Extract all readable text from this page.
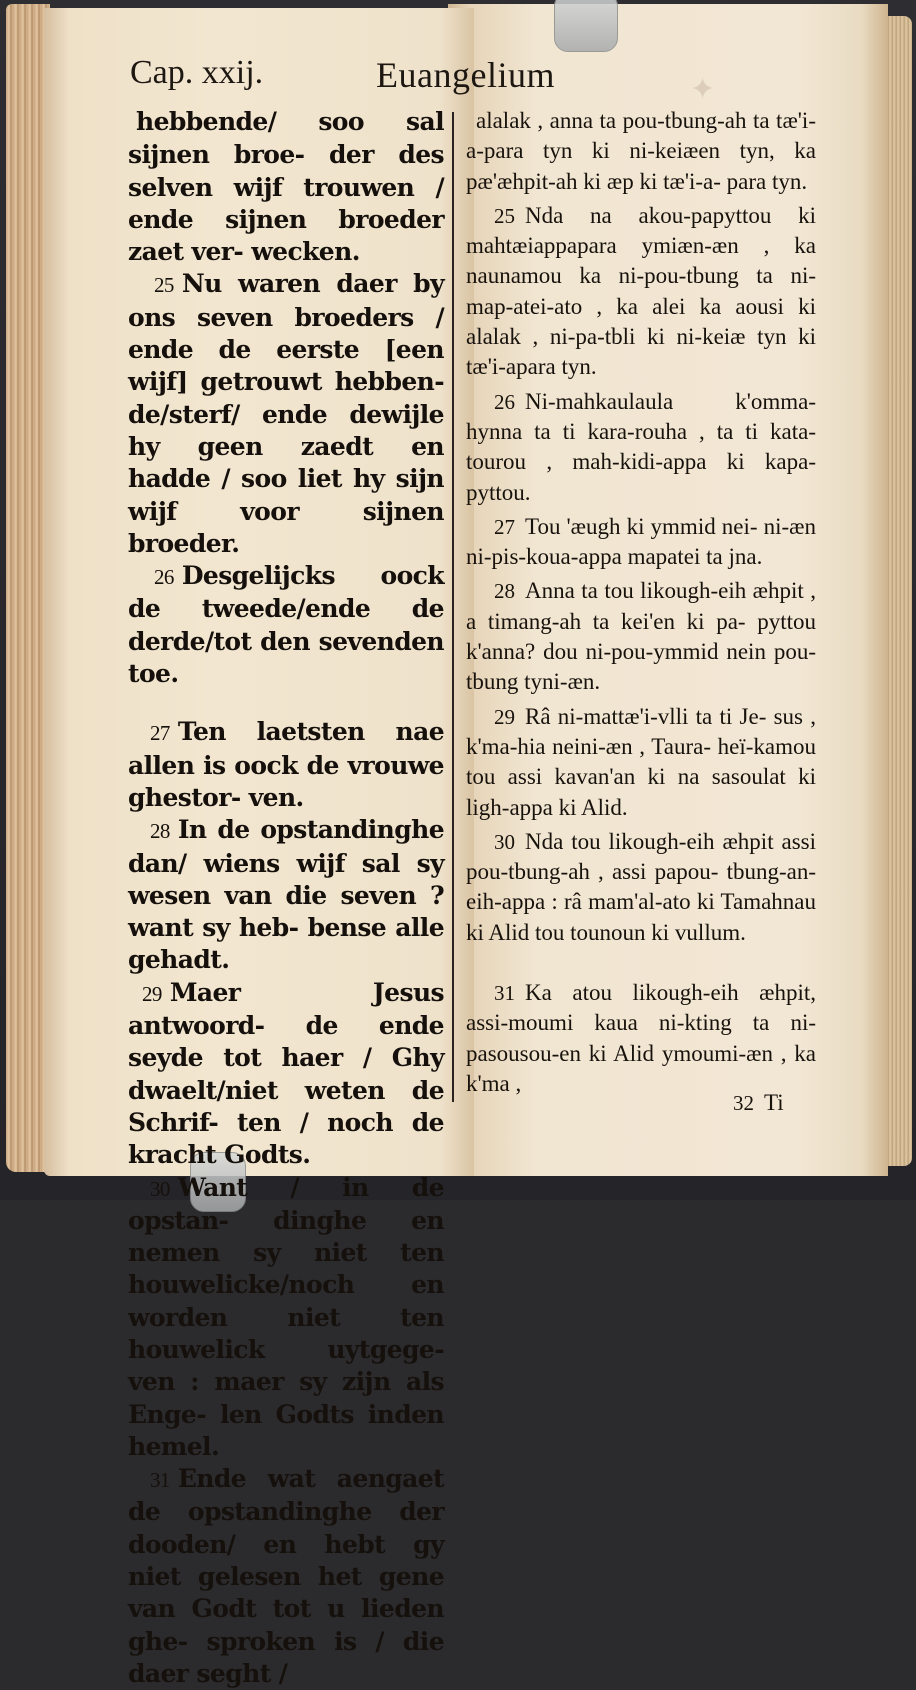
✦
Cap. xxij.	Euangelium

hebbende/ soo sal sijnen broe- der des selven wijf trouwen / ende sijnen broeder zaet ver- wecken.

25 Nu waren daer by ons seven broeders / ende de eerste [een wijf] getrouwt hebben- de/sterf/ ende dewijle hy geen zaedt en hadde / soo liet hy sijn wijf voor sijnen broeder.

26 Desgelijcks oock de tweede/ende de derde/tot den sevenden toe.

27 Ten laetsten nae allen is oock de vrouwe ghestor- ven.

28 In de opstandinghe dan/ wiens wijf sal sy wesen van die seven ? want sy heb- bense alle gehadt.

29 Maer Jesus antwoord- de ende seyde tot haer / Ghy dwaelt/niet weten de Schrif- ten / noch de kracht Godts.

30 Want / in de opstan- dinghe en nemen sy niet ten houwelicke/noch en worden niet ten houwelick uytgege- ven : maer sy zijn als Enge- len Godts inden hemel.

31 Ende wat aengaet de opstandinghe der dooden/ en hebt gy niet gelesen het gene van Godt tot u lieden ghe- sproken is / die daer seght /

alalak , anna ta pou-tbung-ah ta tæ'i-a-para tyn ki ni-keiæen tyn, ka pæ'æhpit-ah ki æp ki tæ'i-a- para tyn.

25 Nda na akou-papyttou ki mahtæiappapara ymiæn-æn , ka naunamou ka ni-pou-tbung ta ni- map-atei-ato , ka alei ka aousi ki alalak , ni-pa-tbli ki ni-keiæ tyn ki tæ'i-apara tyn.

26 Ni-mahkaulaula k'omma- hynna ta ti kara-rouha , ta ti kata- tourou , mah-kidi-appa ki kapa- pyttou.

27 Tou 'æugh ki ymmid nei- ni-æn ni-pis-koua-appa mapatei ta jna.

28 Anna ta tou likough-eih æhpit , a timang-ah ta kei'en ki pa- pyttou k'anna? dou ni-pou-ymmid nein pou-tbung tyni-æn.

29 Râ ni-mattæ'i-vlli ta ti Je- sus , k'ma-hia neini-æn , Taura- heï-kamou tou assi kavan'an ki na sasoulat ki ligh-appa ki Alid.

30 Nda tou likough-eih æhpit assi pou-tbung-ah , assi papou- tbung-an-eih-appa : râ mam'al-ato ki Tamahnau ki Alid tou tounoun ki vullum.

31 Ka atou likough-eih æhpit, assi-moumi kaua ni-kting ta ni- pasousou-en ki Alid ymoumi-æn , ka k'ma ,

32 Ti
